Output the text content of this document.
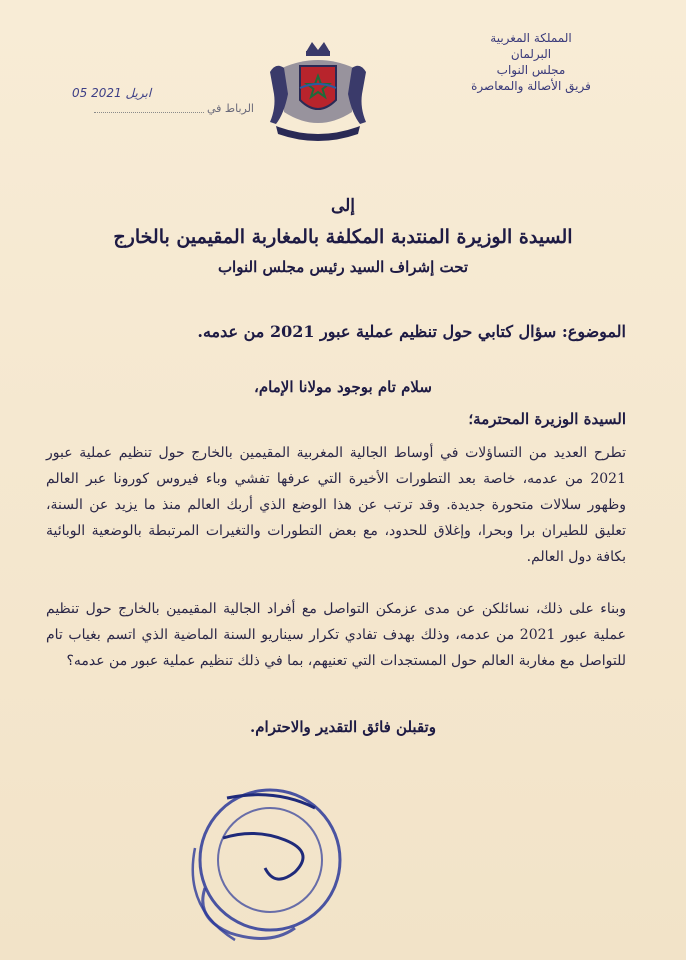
المملكة المغربية
البرلمان
مجلس النواب
فريق الأصالة والمعاصرة
05 ابريل 2021
الرباط في
إلى
السيدة الوزيرة المنتدبة المكلفة بالمغاربة المقيمين بالخارج
تحت إشراف السيد رئيس مجلس النواب
الموضوع: سؤال كتابي حول تنظيم عملية عبور 2021 من عدمه.
سلام تام بوجود مولانا الإمام،
السيدة الوزيرة المحترمة؛
تطرح العديد من التساؤلات في أوساط الجالية المغربية المقيمين بالخارج حول تنظيم عملية عبور 2021 من عدمه، خاصة بعد التطورات الأخيرة التي عرفها تفشي وباء فيروس كورونا عبر العالم وظهور سلالات متحورة جديدة. وقد ترتب عن هذا الوضع الذي أربك العالم منذ ما يزيد عن السنة، تعليق للطيران برا وبحرا، وإغلاق للحدود، مع بعض التطورات والتغيرات المرتبطة بالوضعية الوبائية بكافة دول العالم.
وبناء على ذلك، نسائلكن عن مدى عزمكن التواصل مع أفراد الجالية المقيمين بالخارج حول تنظيم عملية عبور 2021 من عدمه، وذلك بهدف تفادي تكرار سيناريو السنة الماضية الذي اتسم بغياب تام للتواصل مع مغاربة العالم حول المستجدات التي تعنيهم، بما في ذلك تنظيم عملية عبور من عدمه؟
وتقبلن فائق التقدير والاحترام.
